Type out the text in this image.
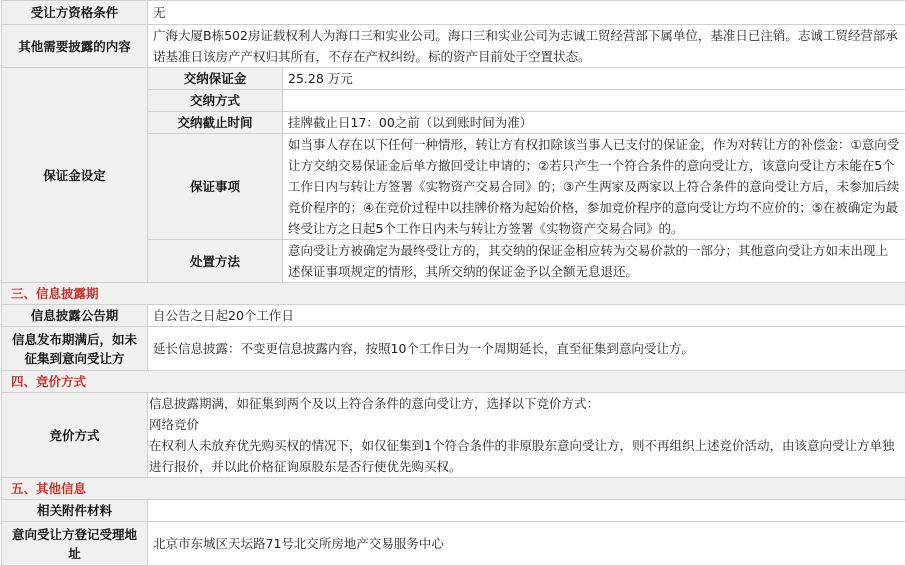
受让方资格条件	无	
其他需要披露的内容	广海大厦B栋502房证载权利人为海口三和实业公司。海口三和实业公司为志诚工贸经营部下属单位，基准日已注销。志诚工贸经营部承诺基准日该房产产权归其所有，不存在产权纠纷。标的资产目前处于空置状态。	
保证金设定	交纳保证金	25.28 万元
	交纳方式	
	交纳截止时间	挂牌截止日17：00之前（以到账时间为准）
	保证事项	如当事人存在以下任何一种情形，转让方有权扣除该当事人已支付的保证金，作为对转让方的补偿金：①意向受让方交纳交易保证金后单方撤回受让申请的；②若只产生一个符合条件的意向受让方，该意向受让方未能在5个工作日内与转让方签署《实物资产交易合同》的；③产生两家及两家以上符合条件的意向受让方后，未参加后续竞价程序的；④在竞价过程中以挂牌价格为起始价格，参加竞价程序的意向受让方均不应价的；⑤在被确定为最终受让方之日起5个工作日内未与转让方签署《实物资产交易合同》的。
	处置方法	意向受让方被确定为最终受让方的，其交纳的保证金相应转为交易价款的一部分；其他意向受让方如未出现上述保证事项规定的情形，其所交纳的保证金予以全额无息退还。

三、信息披露期		
信息披露公告期	自公告之日起20个工作日	
信息发布期满后，如未征集到意向受让方	延长信息披露：不变更信息披露内容，按照10个工作日为一个周期延长，直至征集到意向受让方。	
四、竞价方式		
竞价方式	信息披露期满，如征集到两个及以上符合条件的意向受让方，选择以下竞价方式：
网络竞价
在权利人未放弃优先购买权的情况下，如仅征集到1个符合条件的非原股东意向受让方，则不再组织上述竞价活动，由该意向受让方单独进行报价，并以此价格征询原股东是否行使优先购买权。	

五、其他信息		
相关附件材料		
意向受让方登记受理地址	北京市东城区天坛路71号北交所房地产交易服务中心	
